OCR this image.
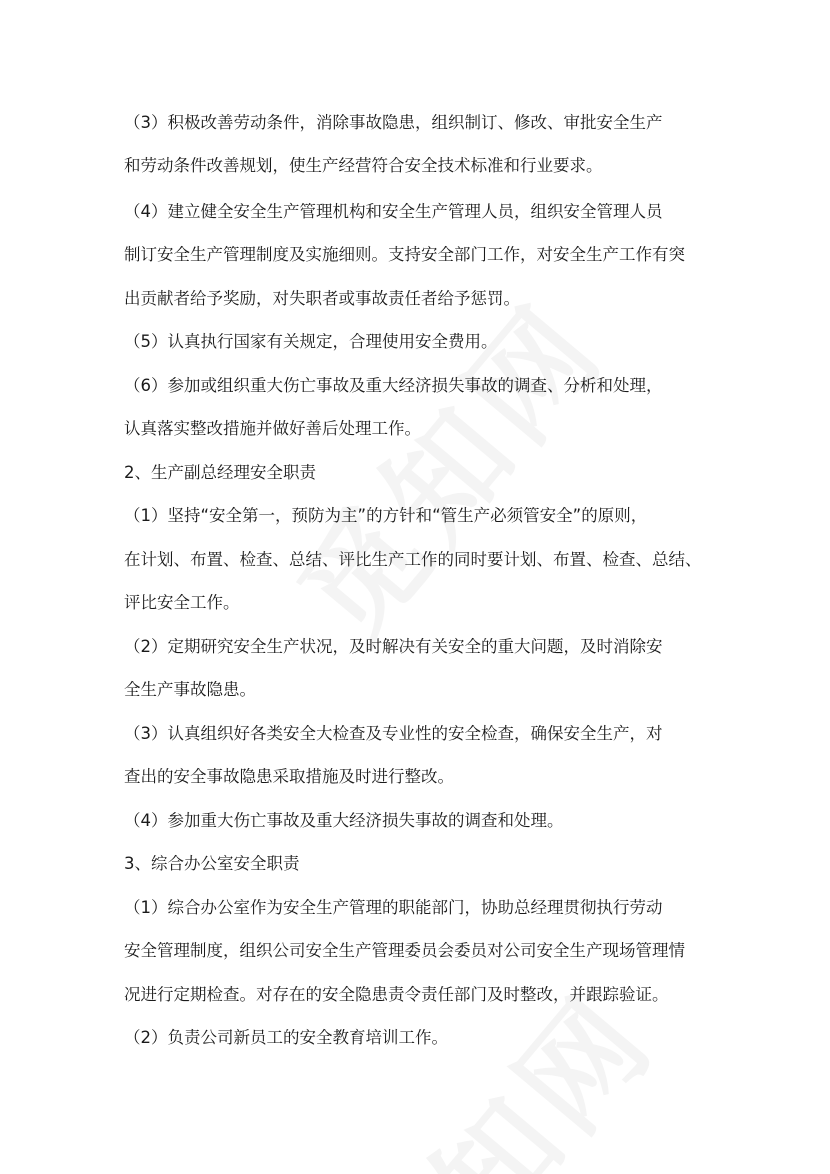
（3）积极改善劳动条件，消除事故隐患，组织制订、修改、审批安全生产
和劳动条件改善规划，使生产经营符合安全技术标准和行业要求。
（4）建立健全安全生产管理机构和安全生产管理人员，组织安全管理人员
制订安全生产管理制度及实施细则。支持安全部门工作，对安全生产工作有突
出贡献者给予奖励，对失职者或事故责任者给予惩罚。
（5）认真执行国家有关规定，合理使用安全费用。
（6）参加或组织重大伤亡事故及重大经济损失事故的调查、分析和处理，
认真落实整改措施并做好善后处理工作。
2、生产副总经理安全职责
（1）坚持“安全第一，预防为主”的方针和“管生产必须管安全”的原则，
在计划、布置、检查、总结、评比生产工作的同时要计划、布置、检查、总结、
评比安全工作。
（2）定期研究安全生产状况，及时解决有关安全的重大问题，及时消除安
全生产事故隐患。
（3）认真组织好各类安全大检查及专业性的安全检查，确保安全生产，对
查出的安全事故隐患采取措施及时进行整改。
（4）参加重大伤亡事故及重大经济损失事故的调查和处理。
3、综合办公室安全职责
（1）综合办公室作为安全生产管理的职能部门，协助总经理贯彻执行劳动
安全管理制度，组织公司安全生产管理委员会委员对公司安全生产现场管理情
况进行定期检查。对存在的安全隐患责令责任部门及时整改，并跟踪验证。
（2）负责公司新员工的安全教育培训工作。
